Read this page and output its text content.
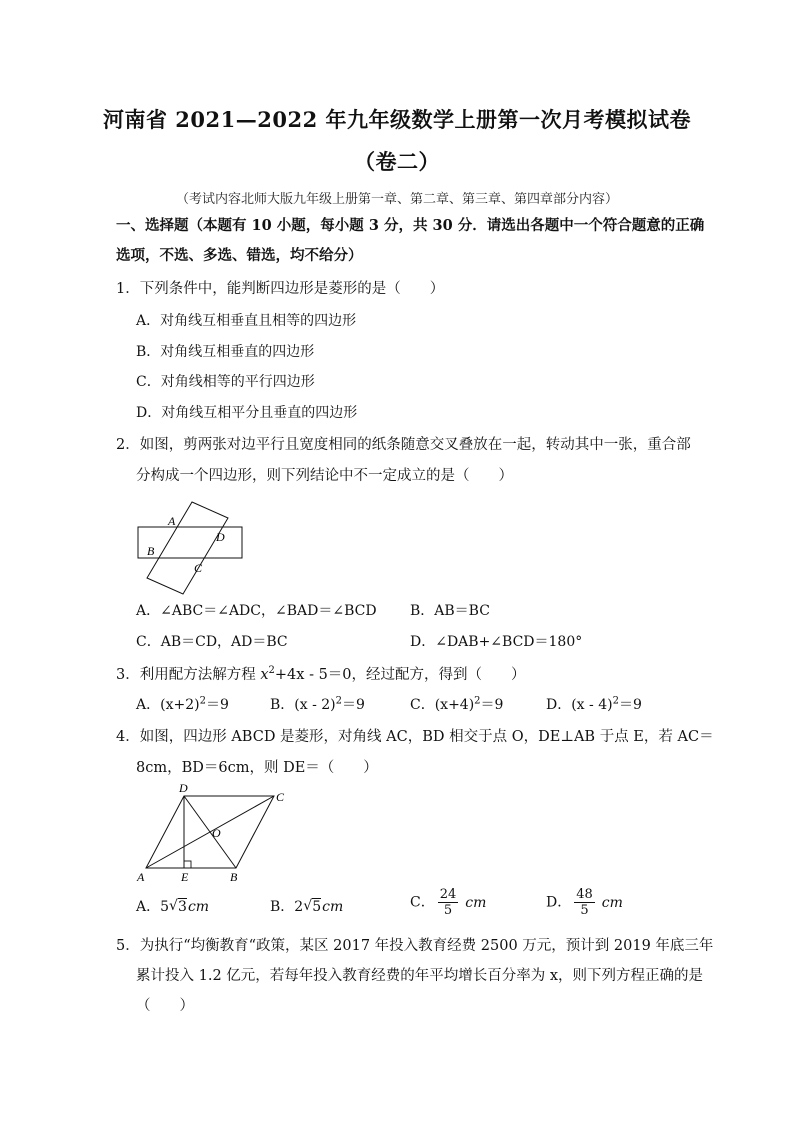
河南省 2021—2022 年九年级数学上册第一次月考模拟试卷
（卷二）
（考试内容北师大版九年级上册第一章、第二章、第三章、第四章部分内容）
一、选择题（本题有 10 小题，每小题 3 分，共 30 分．请选出各题中一个符合题意的正确
选项，不选、多选、错选，均不给分）
1．下列条件中，能判断四边形是菱形的是（　　）
A．对角线互相垂直且相等的四边形
B．对角线互相垂直的四边形
C．对角线相等的平行四边形
D．对角线互相平分且垂直的四边形
2．如图，剪两张对边平行且宽度相同的纸条随意交叉叠放在一起，转动其中一张，重合部
分构成一个四边形，则下列结论中不一定成立的是（　　）
A
D
B
C
A．∠ABC＝∠ADC，∠BAD＝∠BCD B．AB＝BC
C．AB＝CD，AD＝BC	D．∠DAB+∠BCD＝180°
3．利用配方法解方程 $x^2+4x - 5=0$，经过配方，得到（　　）
A．$(x+2)^2=9$	B．(x - 2)$^2$＝9	C．$(x+4)^2=9$	D．(x - 4)$^2$＝9
4．如图，四边形 ABCD 是菱形，对角线 AC，BD 相交于点 O，DE⊥AB 于点 E，若 AC＝
8cm，BD＝6cm，则 DE＝（　　）
A	E	B
C
D
O
A．5 √ 3cm	B．2 √ 5cm	C． $\frac{24}{5}$ cm	D． $\frac{48}{5}$ cm
5．为执行“均衡教育“政策，某区 2017 年投入教育经费 2500 万元，预计到 2019 年底三年
累计投入 1.2 亿元，若每年投入教育经费的年平均增长百分率为 x，则下列方程正确的是
（　　）
